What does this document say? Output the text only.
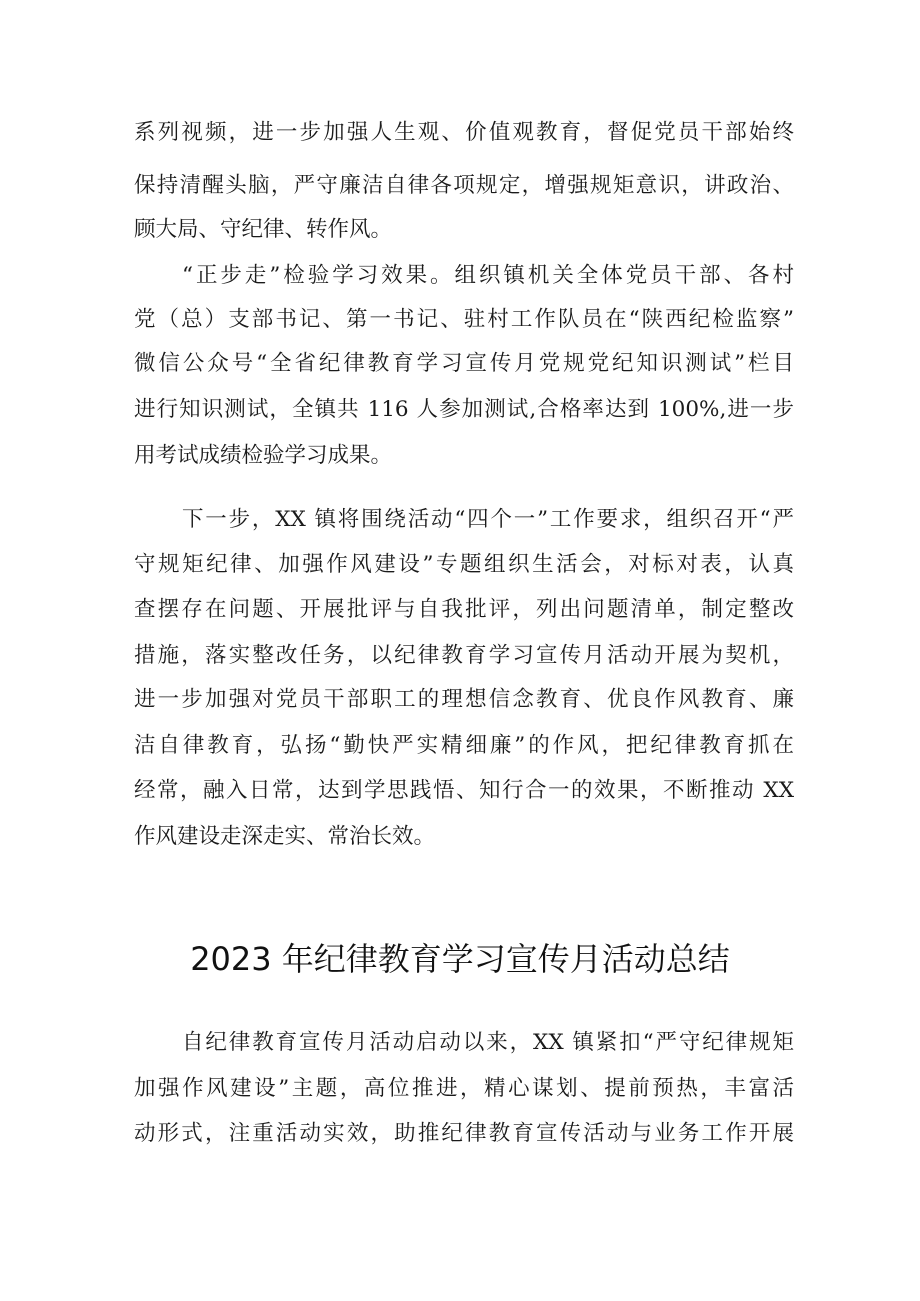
系列视频，进一步加强人生观、价值观教育，督促党员干部始终
保持清醒头脑，严守廉洁自律各项规定，增强规矩意识，讲政治、
顾大局、守纪律、转作风。
“正步走”检验学习效果。组织镇机关全体党员干部、各村
党（总）支部书记、第一书记、驻村工作队员在“陕西纪检监察”
微信公众号“全省纪律教育学习宣传月党规党纪知识测试”栏目
进行知识测试，全镇共 116 人参加测试,合格率达到 100%,进一步
用考试成绩检验学习成果。
下一步，XX 镇将围绕活动“四个一”工作要求，组织召开“严
守规矩纪律、加强作风建设”专题组织生活会，对标对表，认真
查摆存在问题、开展批评与自我批评，列出问题清单，制定整改
措施，落实整改任务，以纪律教育学习宣传月活动开展为契机，
进一步加强对党员干部职工的理想信念教育、优良作风教育、廉
洁自律教育，弘扬“勤快严实精细廉”的作风，把纪律教育抓在
经常，融入日常，达到学思践悟、知行合一的效果，不断推动 XX
作风建设走深走实、常治长效。
2023 年纪律教育学习宣传月活动总结
自纪律教育宣传月活动启动以来，XX 镇紧扣“严守纪律规矩
加强作风建设”主题，高位推进，精心谋划、提前预热，丰富活
动形式，注重活动实效，助推纪律教育宣传活动与业务工作开展
